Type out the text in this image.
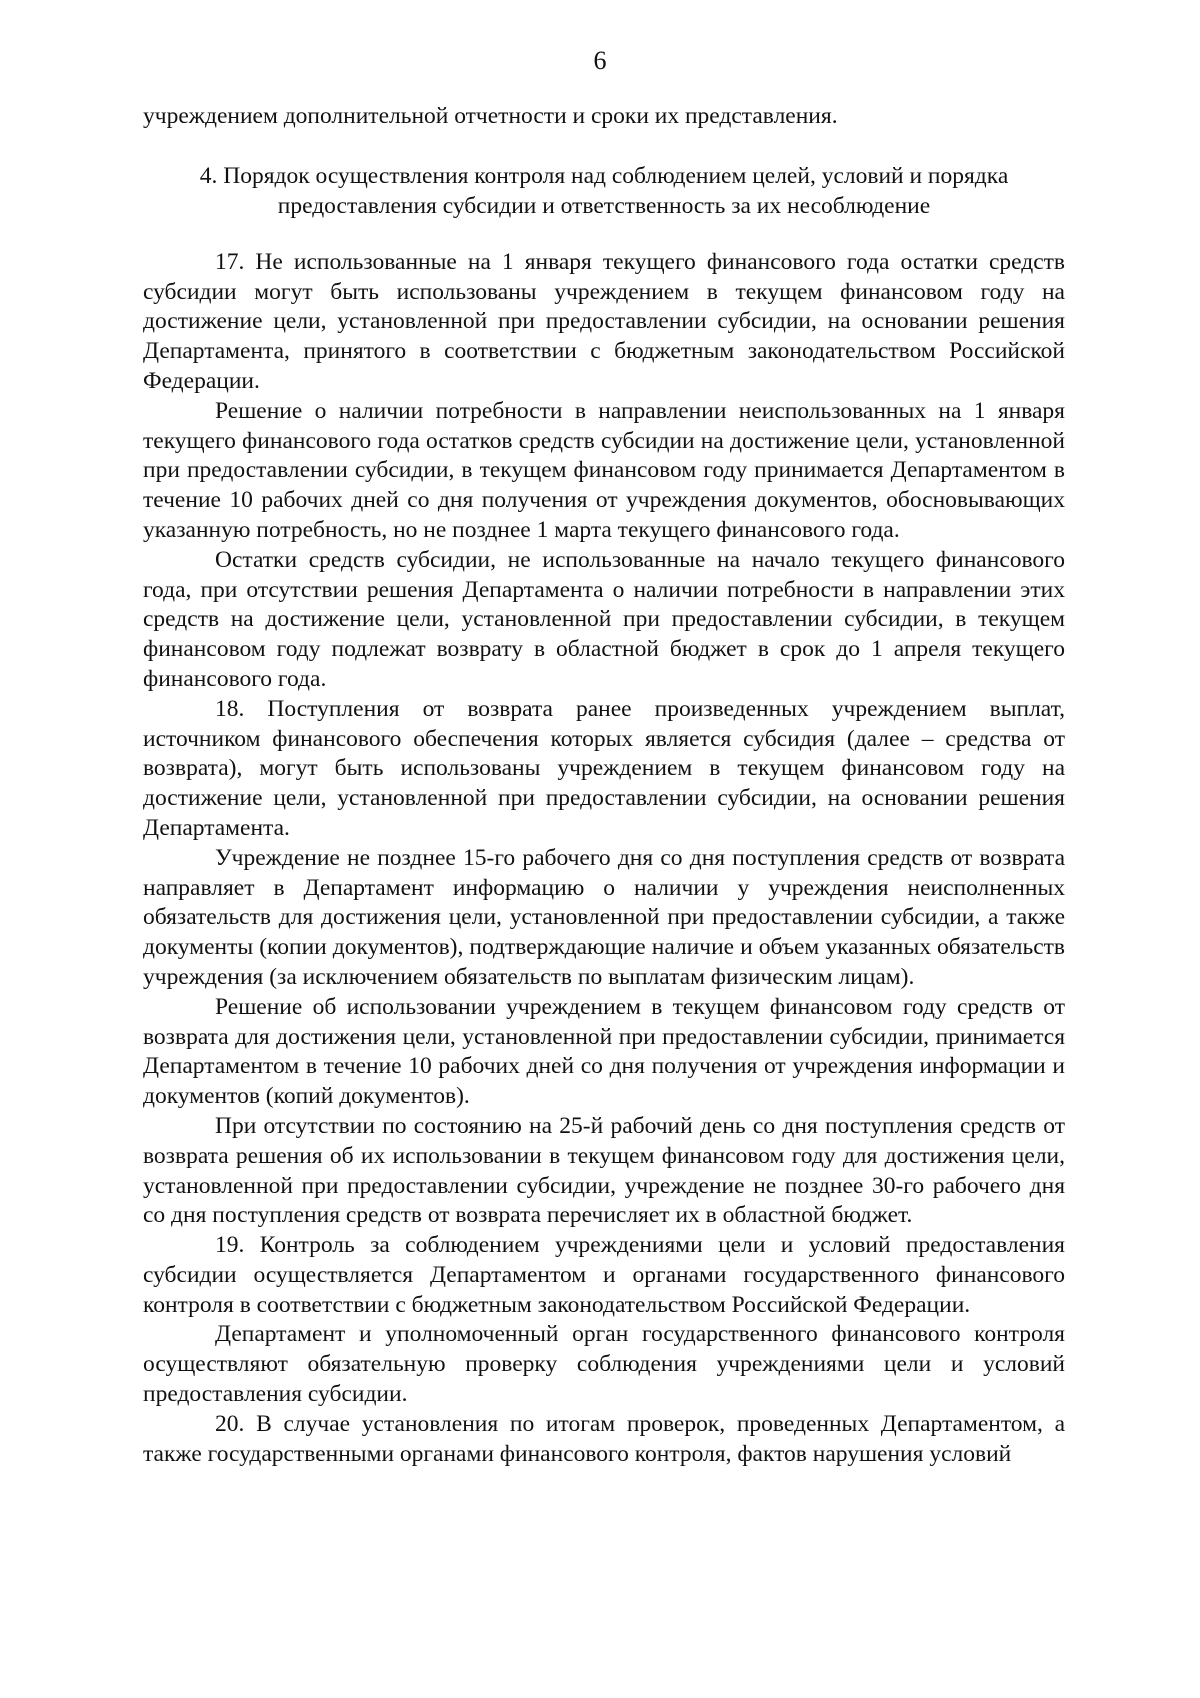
6

учреждением дополнительной отчетности и сроки их представления.

4. Порядок осуществления контроля над соблюдением целей, условий и порядка предоставления субсидии и ответственность за их несоблюдение

17. Не использованные на 1 января текущего финансового года остатки средств субсидии могут быть использованы учреждением в текущем финансовом году на достижение цели, установленной при предоставлении субсидии, на основании решения Департамента, принятого в соответствии с бюджетным законодательством Российской Федерации.

Решение о наличии потребности в направлении неиспользованных на 1 января текущего финансового года остатков средств субсидии на достижение цели, установленной при предоставлении субсидии, в текущем финансовом году принимается Департаментом в течение 10 рабочих дней со дня получения от учреждения документов, обосновывающих указанную потребность, но не позднее 1 марта текущего финансового года.

Остатки средств субсидии, не использованные на начало текущего финансового года, при отсутствии решения Департамента о наличии потребности в направлении этих средств на достижение цели, установленной при предоставлении субсидии, в текущем финансовом году подлежат возврату в областной бюджет в срок до 1 апреля текущего финансового года.

18. Поступления от возврата ранее произведенных учреждением выплат, источником финансового обеспечения которых является субсидия (далее – средства от возврата), могут быть использованы учреждением в текущем финансовом году на достижение цели, установленной при предоставлении субсидии, на основании решения Департамента.

Учреждение не позднее 15-го рабочего дня со дня поступления средств от возврата направляет в Департамент информацию о наличии у учреждения неисполненных обязательств для достижения цели, установленной при предоставлении субсидии, а также документы (копии документов), подтверждающие наличие и объем указанных обязательств учреждения (за исключением обязательств по выплатам физическим лицам).

Решение об использовании учреждением в текущем финансовом году средств от возврата для достижения цели, установленной при предоставлении субсидии, принимается Департаментом в течение 10 рабочих дней со дня получения от учреждения информации и документов (копий документов).

При отсутствии по состоянию на 25-й рабочий день со дня поступления средств от возврата решения об их использовании в текущем финансовом году для достижения цели, установленной при предоставлении субсидии, учреждение не позднее 30-го рабочего дня со дня поступления средств от возврата перечисляет их в областной бюджет.

19. Контроль за соблюдением учреждениями цели и условий предоставления субсидии осуществляется Департаментом и органами государственного финансового контроля в соответствии с бюджетным законодательством Российской Федерации.

Департамент и уполномоченный орган государственного финансового контроля осуществляют обязательную проверку соблюдения учреждениями цели и условий предоставления субсидии.

20. В случае установления по итогам проверок, проведенных Департаментом, а также государственными органами финансового контроля, фактов нарушения условий
